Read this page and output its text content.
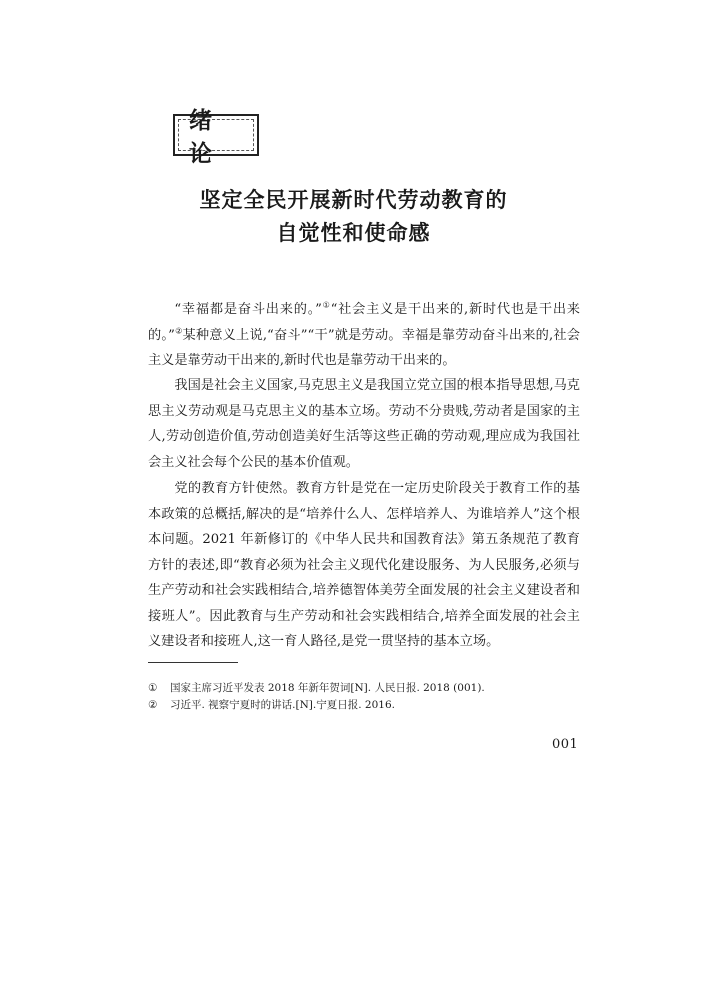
绪 论
坚定全民开展新时代劳动教育的
自觉性和使命感

“幸福都是奋斗出来的。”①“社会主义是干出来的,新时代也是干出来的。”②某种意义上说,“奋斗”“干”就是劳动。幸福是靠劳动奋斗出来的,社会主义是靠劳动干出来的,新时代也是靠劳动干出来的。

我国是社会主义国家,马克思主义是我国立党立国的根本指导思想,马克思主义劳动观是马克思主义的基本立场。劳动不分贵贱,劳动者是国家的主人,劳动创造价值,劳动创造美好生活等这些正确的劳动观,理应成为我国社会主义社会每个公民的基本价值观。

党的教育方针使然。教育方针是党在一定历史阶段关于教育工作的基本政策的总概括,解决的是“培养什么人、怎样培养人、为谁培养人”这个根本问题。2021 年新修订的《中华人民共和国教育法》第五条规范了教育方针的表述,即“教育必须为社会主义现代化建设服务、为人民服务,必须与生产劳动和社会实践相结合,培养德智体美劳全面发展的社会主义建设者和接班人”。因此教育与生产劳动和社会实践相结合,培养全面发展的社会主义建设者和接班人,这一育人路径,是党一贯坚持的基本立场。

① 国家主席习近平发表 2018 年新年贺词[N]. 人民日报. 2018 (001).
② 习近平. 视察宁夏时的讲话.[N].宁夏日报. 2016.
001
